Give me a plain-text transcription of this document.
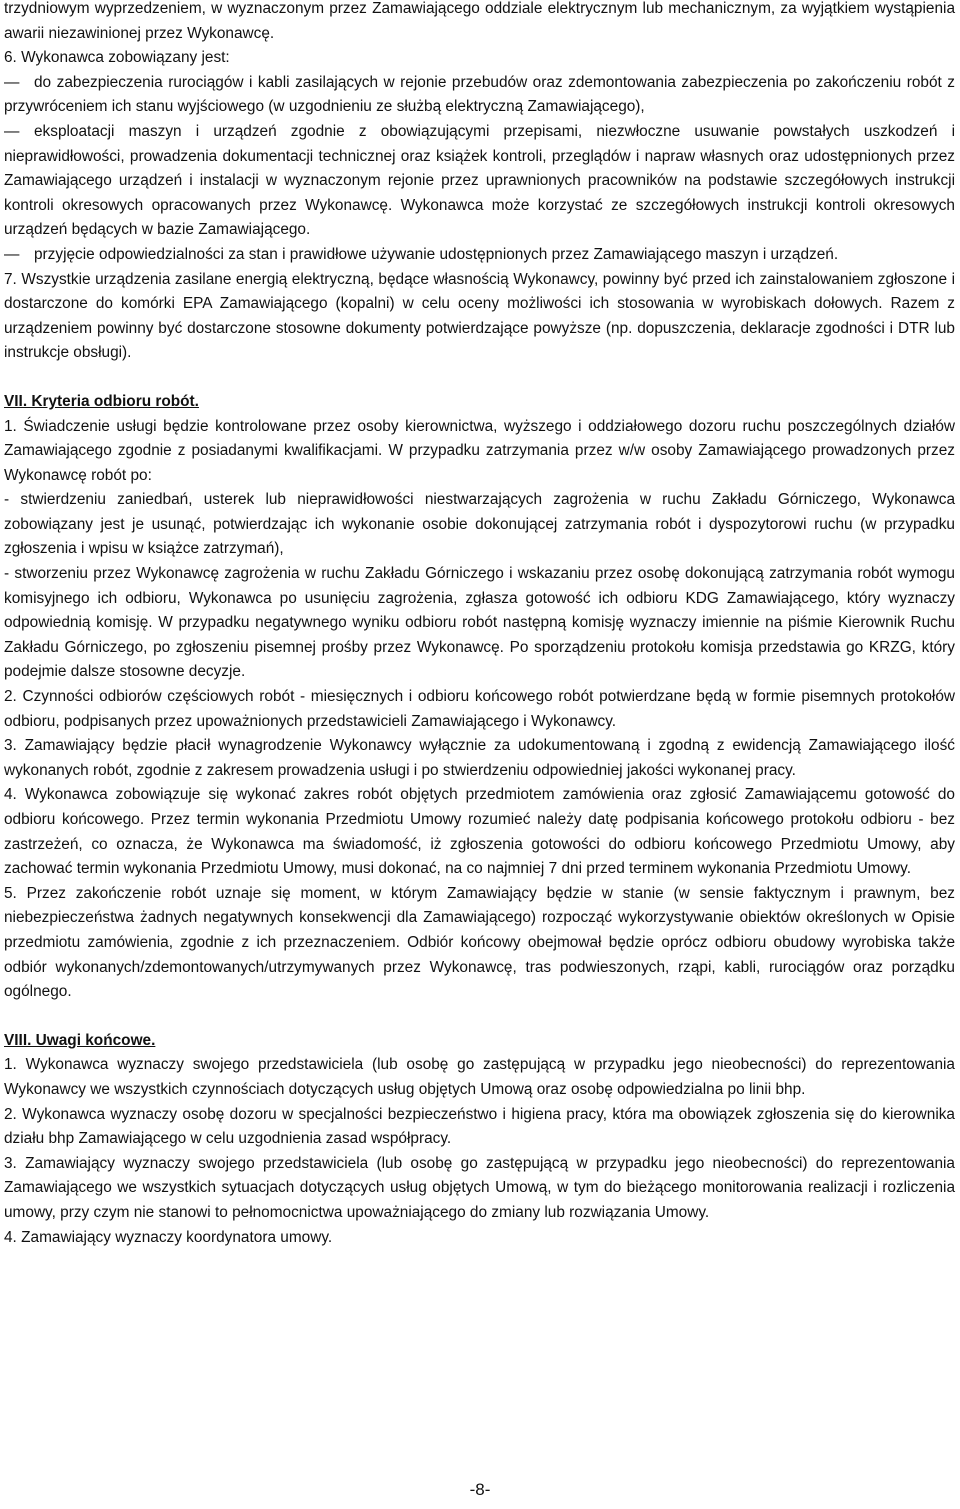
trzydniowym wyprzedzeniem, w wyznaczonym przez Zamawiającego oddziale elektrycznym lub mechanicznym, za wyjątkiem wystąpienia awarii niezawinionej przez Wykonawcę.

6. Wykonawca zobowiązany jest:

—do zabezpieczenia rurociągów i kabli zasilających w rejonie przebudów oraz zdemontowania zabezpieczenia po zakończeniu robót z przywróceniem ich stanu wyjściowego (w uzgodnieniu ze służbą elektryczną Zamawiającego),

—eksploatacji maszyn i urządzeń zgodnie z obowiązującymi przepisami, niezwłoczne usuwanie powstałych uszkodzeń i nieprawidłowości, prowadzenia dokumentacji technicznej oraz książek kontroli, przeglądów i napraw własnych oraz udostępnionych przez Zamawiającego urządzeń i instalacji w wyznaczonym rejonie przez uprawnionych pracowników na podstawie szczegółowych instrukcji kontroli okresowych opracowanych przez Wykonawcę. Wykonawca może korzystać ze szczegółowych instrukcji kontroli okresowych urządzeń będących w bazie Zamawiającego.

—przyjęcie odpowiedzialności za stan i prawidłowe używanie udostępnionych przez Zamawiającego maszyn i urządzeń.

7. Wszystkie urządzenia zasilane energią elektryczną, będące własnością Wykonawcy, powinny być przed ich zainstalowaniem zgłoszone i dostarczone do komórki EPA Zamawiającego (kopalni) w celu oceny możliwości ich stosowania w wyrobiskach dołowych. Razem z urządzeniem powinny być dostarczone stosowne dokumenty potwierdzające powyższe (np. dopuszczenia, deklaracje zgodności i DTR lub instrukcje obsługi).

VII. Kryteria odbioru robót.

1. Świadczenie usługi będzie kontrolowane przez osoby kierownictwa, wyższego i oddziałowego dozoru ruchu poszczególnych działów Zamawiającego zgodnie z posiadanymi kwalifikacjami. W przypadku zatrzymania przez w/w osoby Zamawiającego prowadzonych przez Wykonawcę robót po:

- stwierdzeniu zaniedbań, usterek lub nieprawidłowości niestwarzających zagrożenia w ruchu Zakładu Górniczego, Wykonawca zobowiązany jest je usunąć, potwierdzając ich wykonanie osobie dokonującej zatrzymania robót i dyspozytorowi ruchu (w przypadku zgłoszenia i wpisu w książce zatrzymań),

- stworzeniu przez Wykonawcę zagrożenia w ruchu Zakładu Górniczego i wskazaniu przez osobę dokonującą zatrzymania robót wymogu komisyjnego ich odbioru, Wykonawca po usunięciu zagrożenia, zgłasza gotowość ich odbioru KDG Zamawiającego, który wyznaczy odpowiednią komisję. W przypadku negatywnego wyniku odbioru robót następną komisję wyznaczy imiennie na piśmie Kierownik Ruchu Zakładu Górniczego, po zgłoszeniu pisemnej prośby przez Wykonawcę. Po sporządzeniu protokołu komisja przedstawia go KRZG, który podejmie dalsze stosowne decyzje.

2. Czynności odbiorów częściowych robót - miesięcznych i odbioru końcowego robót potwierdzane będą w formie pisemnych protokołów odbioru, podpisanych przez upoważnionych przedstawicieli Zamawiającego i Wykonawcy.

3. Zamawiający będzie płacił wynagrodzenie Wykonawcy wyłącznie za udokumentowaną i zgodną z ewidencją Zamawiającego ilość wykonanych robót, zgodnie z zakresem prowadzenia usługi i po stwierdzeniu odpowiedniej jakości wykonanej pracy.

4. Wykonawca zobowiązuje się wykonać zakres robót objętych przedmiotem zamówienia oraz zgłosić Zamawiającemu gotowość do odbioru końcowego. Przez termin wykonania Przedmiotu Umowy rozumieć należy datę podpisania końcowego protokołu odbioru - bez zastrzeżeń, co oznacza, że Wykonawca ma świadomość, iż zgłoszenia gotowości do odbioru końcowego Przedmiotu Umowy, aby zachować termin wykonania Przedmiotu Umowy, musi dokonać, na co najmniej 7 dni przed terminem wykonania Przedmiotu Umowy.

5. Przez zakończenie robót uznaje się moment, w którym Zamawiający będzie w stanie (w sensie faktycznym i prawnym, bez niebezpieczeństwa żadnych negatywnych konsekwencji dla Zamawiającego) rozpocząć wykorzystywanie obiektów określonych w Opisie przedmiotu zamówienia, zgodnie z ich przeznaczeniem. Odbiór końcowy obejmował będzie oprócz odbioru obudowy wyrobiska także odbiór wykonanych/zdemontowanych/utrzymywanych przez Wykonawcę, tras podwieszonych, rząpi, kabli, rurociągów oraz porządku ogólnego.

VIII. Uwagi końcowe.

1. Wykonawca wyznaczy swojego przedstawiciela (lub osobę go zastępującą w przypadku jego nieobecności) do reprezentowania Wykonawcy we wszystkich czynnościach dotyczących usług objętych Umową oraz osobę odpowiedzialna po linii bhp.

2. Wykonawca wyznaczy osobę dozoru w specjalności bezpieczeństwo i higiena pracy, która ma obowiązek zgłoszenia się do kierownika działu bhp Zamawiającego w celu uzgodnienia zasad współpracy.

3. Zamawiający wyznaczy swojego przedstawiciela (lub osobę go zastępującą w przypadku jego nieobecności) do reprezentowania Zamawiającego we wszystkich sytuacjach dotyczących usług objętych Umową, w tym do bieżącego monitorowania realizacji i rozliczenia umowy, przy czym nie stanowi to pełnomocnictwa upoważniającego do zmiany lub rozwiązania Umowy.

4. Zamawiający wyznaczy koordynatora umowy.

-8-
